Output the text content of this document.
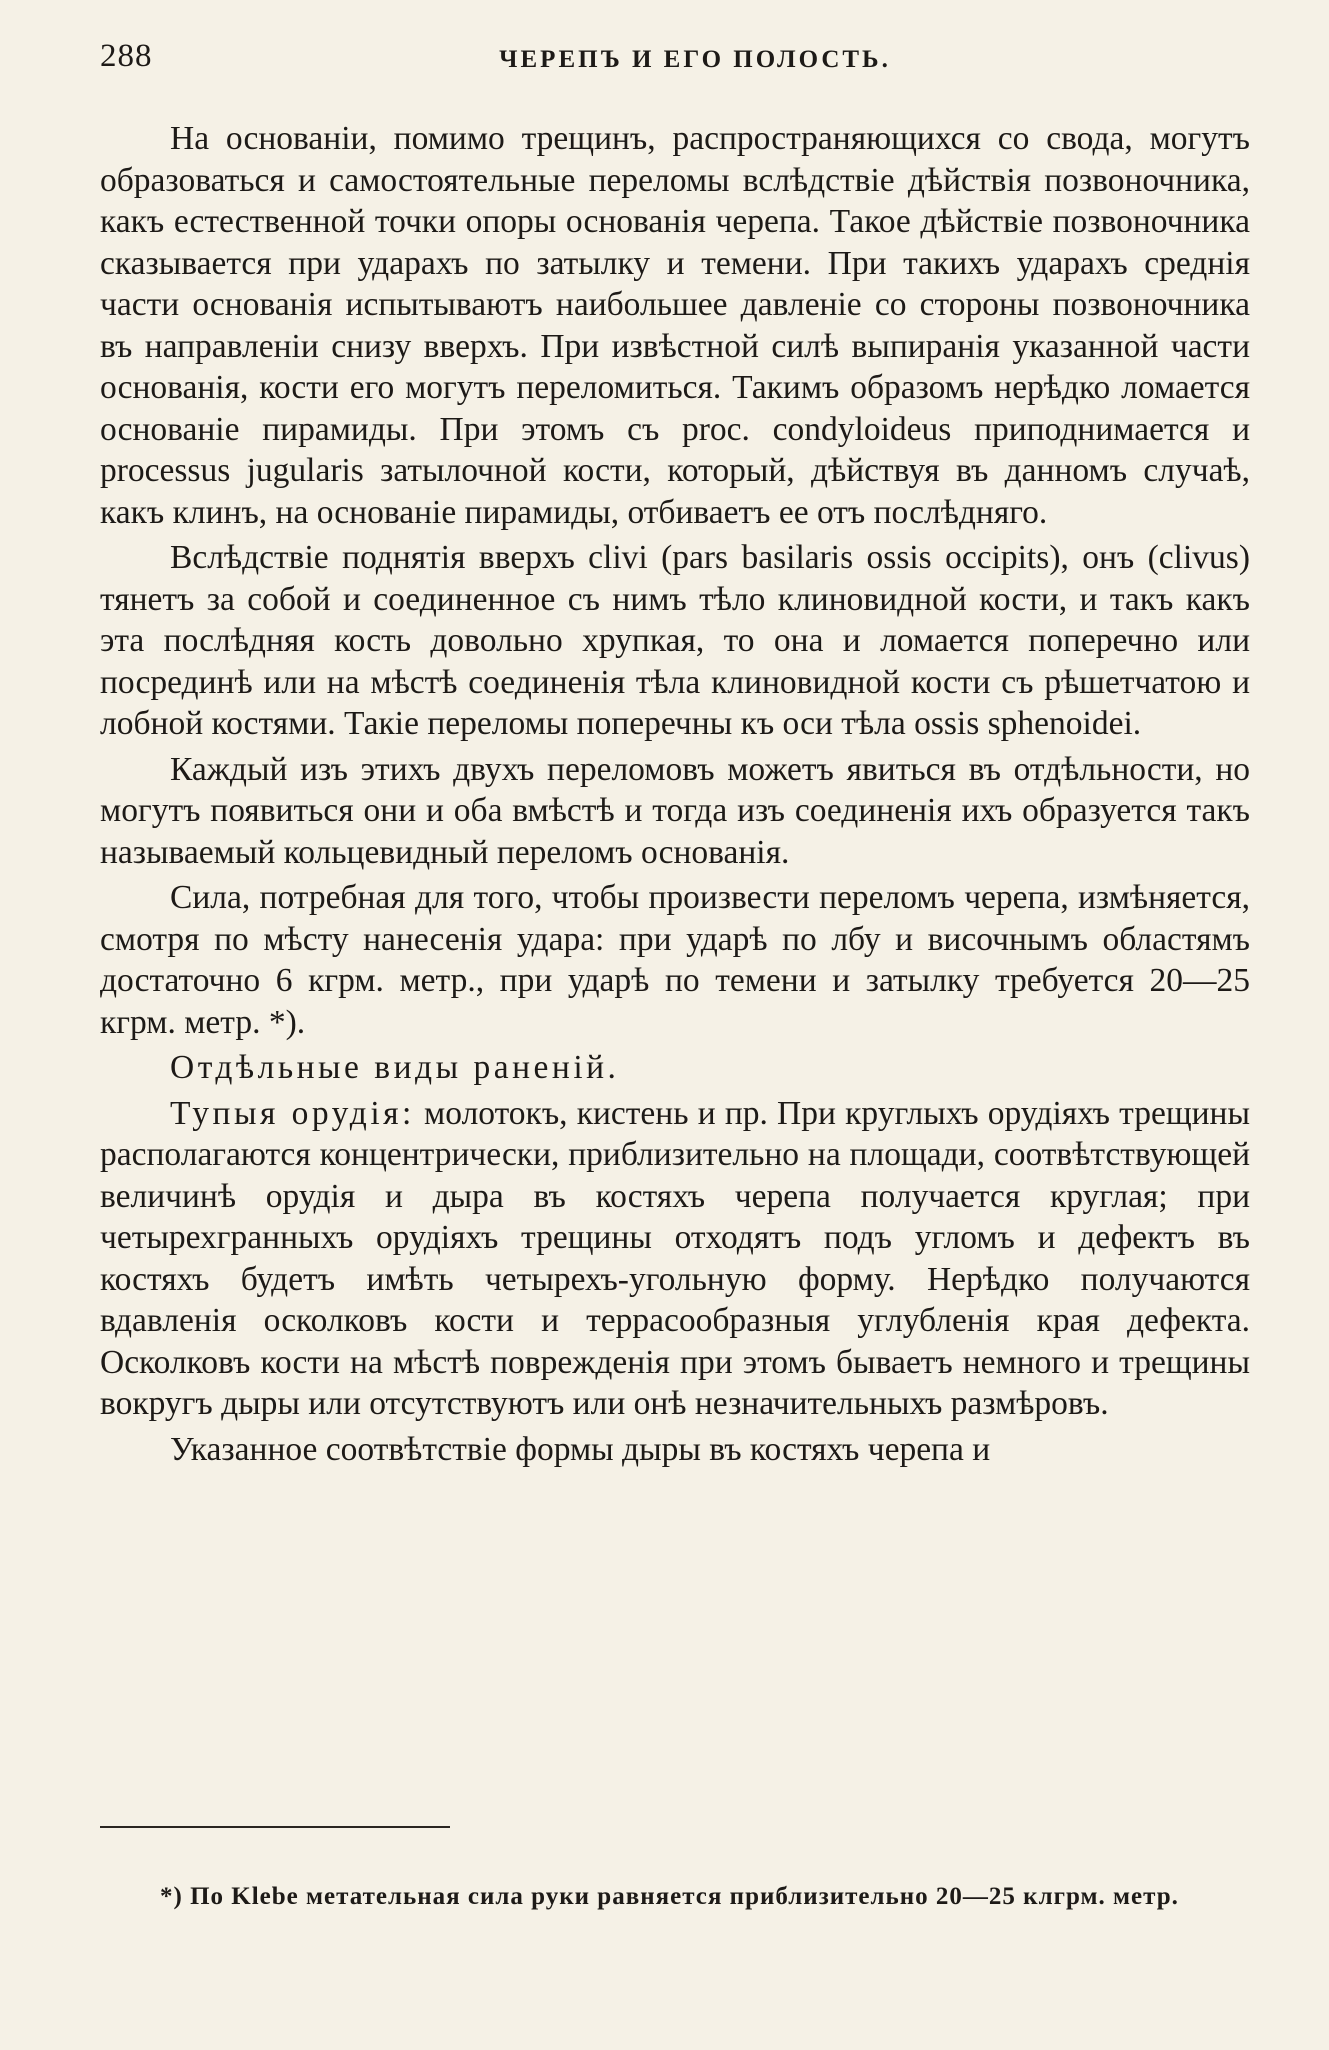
288	ЧЕРЕПЪ И ЕГО ПОЛОСТЬ.

На основанiи, помимо трещинъ, распространяющихся со свода, могутъ образоваться и самостоятельные переломы вслѣдствiе дѣйствiя позвоночника, какъ естественной точки опоры основанiя черепа. Такое дѣйствiе позвоночника сказывается при ударахъ по затылку и темени. При такихъ ударахъ среднiя части основанiя испытываютъ наибольшее давленiе со стороны позвоночника въ направленiи снизу вверхъ. При извѣстной силѣ выпиранiя указанной части основанiя, кости его могутъ переломиться. Такимъ образомъ нерѣдко ломается основанiе пирамиды. При этомъ съ proc. condyloideus приподнимается и processus jugularis затылочной кости, который, дѣйствуя въ данномъ случаѣ, какъ клинъ, на основанiе пирамиды, отбиваетъ ее отъ послѣдняго.

Вслѣдствiе поднятiя вверхъ clivi (pars basilaris ossis occipits), онъ (clivus) тянетъ за собой и соединенное съ нимъ тѣло клиновидной кости, и такъ какъ эта послѣдняя кость довольно хрупкая, то она и ломается поперечно или посрединѣ или на мѣстѣ соединенiя тѣла клиновидной кости съ рѣшетчатою и лобной костями. Такiе переломы поперечны къ оси тѣла ossis sphenoidei.

Каждый изъ этихъ двухъ переломовъ можетъ явиться въ отдѣльности, но могутъ появиться они и оба вмѣстѣ и тогда изъ соединенiя ихъ образуется такъ называемый кольцевидный переломъ основанiя.

Сила, потребная для того, чтобы произвести переломъ черепа, измѣняется, смотря по мѣсту нанесенiя удара: при ударѣ по лбу и височнымъ областямъ достаточно 6 кгрм. метр., при ударѣ по темени и затылку требуется 20—25 кгрм. метр. *).

Отдѣльные виды раненiй.

Тупыя орудiя: молотокъ, кистень и пр. При круглыхъ орудiяхъ трещины располагаются концентрически, приблизительно на площади, соотвѣтствующей величинѣ орудiя и дыра въ костяхъ черепа получается круглая; при четырехгранныхъ орудiяхъ трещины отходятъ подъ угломъ и дефектъ въ костяхъ будетъ имѣть четырехъ-угольную форму. Нерѣдко получаются вдавленiя осколковъ кости и террасообразныя углубленiя края дефекта. Осколковъ кости на мѣстѣ поврежденiя при этомъ бываетъ немного и трещины вокругъ дыры или отсутствуютъ или онѣ незначительныхъ размѣровъ.

Указанное соотвѣтствiе формы дыры въ костяхъ черепа и

*) По Klebe метательная сила руки равняется приблизительно 20—25 клгрм. метр.
